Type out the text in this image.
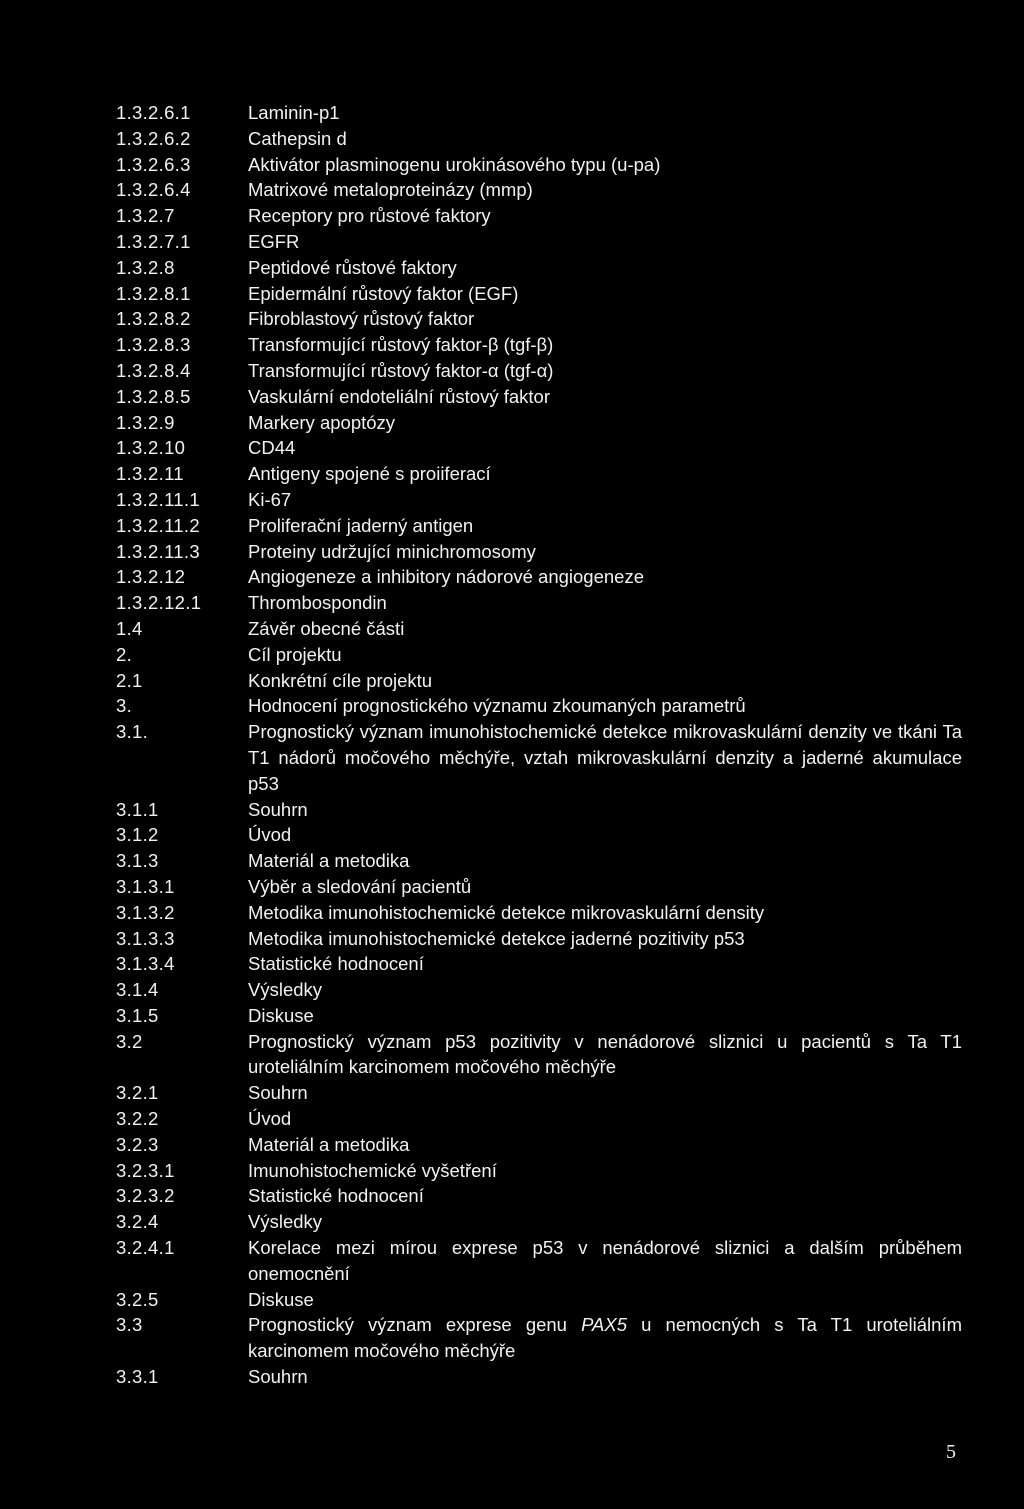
1.3.2.6.1	Laminin-p1
1.3.2.6.2	Cathepsin d
1.3.2.6.3	Aktivátor plasminogenu urokinásového typu (u-pa)
1.3.2.6.4	Matrixové metaloproteinázy (mmp)
1.3.2.7	Receptory pro růstové faktory
1.3.2.7.1	EGFR
1.3.2.8	Peptidové růstové faktory
1.3.2.8.1	Epidermální růstový faktor (EGF)
1.3.2.8.2	Fibroblastový růstový faktor
1.3.2.8.3	Transformující růstový faktor-β (tgf-β)
1.3.2.8.4	Transformující růstový faktor-α (tgf-α)
1.3.2.8.5	Vaskulární endoteliální růstový faktor
1.3.2.9	Markery apoptózy
1.3.2.10	CD44
1.3.2.11	Antigeny spojené s proiiferací
1.3.2.11.1	Ki-67
1.3.2.11.2	Proliferační jaderný antigen
1.3.2.11.3	Proteiny udržující minichromosomy
1.3.2.12	Angiogeneze a inhibitory nádorové angiogeneze
1.3.2.12.1	Thrombospondin
1.4	Závěr obecné části
2.	Cíl projektu
2.1	Konkrétní cíle projektu
3.	Hodnocení prognostického významu zkoumaných parametrů
3.1.	Prognostický význam imunohistochemické detekce mikrovaskulární denzity ve tkáni Ta T1 nádorů močového měchýře, vztah mikrovaskulární denzity a jaderné akumulace p53
3.1.1	Souhrn
3.1.2	Úvod
3.1.3	Materiál a metodika
3.1.3.1	Výběr a sledování pacientů
3.1.3.2	Metodika imunohistochemické detekce mikrovaskulární density
3.1.3.3	Metodika imunohistochemické detekce jaderné pozitivity p53
3.1.3.4	Statistické hodnocení
3.1.4	Výsledky
3.1.5	Diskuse
3.2	Prognostický význam p53 pozitivity v nenádorové sliznici u pacientů s Ta T1 uroteliálním karcinomem močového měchýře
3.2.1	Souhrn
3.2.2	Úvod
3.2.3	Materiál a metodika
3.2.3.1	Imunohistochemické vyšetření
3.2.3.2	Statistické hodnocení
3.2.4	Výsledky
3.2.4.1	Korelace mezi mírou exprese p53 v nenádorové sliznici a dalším průběhem onemocnění
3.2.5	Diskuse
3.3	Prognostický význam exprese genu PAX5 u nemocných s Ta T1 uroteliálním karcinomem močového měchýře
3.3.1	Souhrn
5
